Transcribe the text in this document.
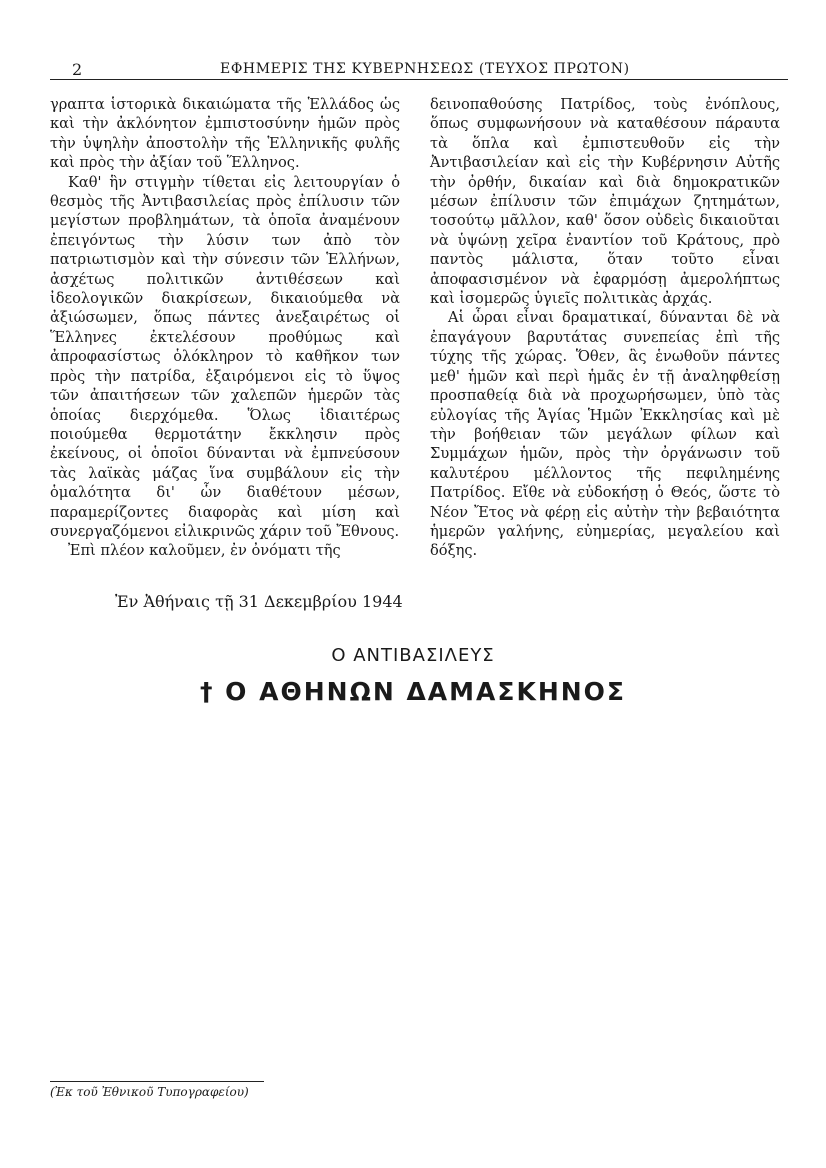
2	ΕΦΗΜΕΡΙΣ ΤΗΣ ΚΥΒΕΡΝΗΣΕΩΣ (ΤΕΥΧΟΣ ΠΡΩΤΟΝ)

γραπτα ἱστορικὰ δικαιώματα τῆς Ἑλλάδος ὡς καὶ τὴν ἀκλόνητον ἐμπιστοσύνην ἡμῶν πρὸς τὴν ὑψηλὴν ἀποστολὴν τῆς Ἑλληνικῆς φυλῆς καὶ πρὸς τὴν ἀξίαν τοῦ Ἕλληνος.

Καθ' ἣν στιγμὴν τίθεται εἰς λειτουργίαν ὁ θεσμὸς τῆς Ἀντιβασιλείας πρὸς ἐπίλυσιν τῶν μεγίστων προβλημάτων, τὰ ὁποῖα ἀναμένουν ἐπειγόντως τὴν λύσιν των ἀπὸ τὸν πατριωτισμὸν καὶ τὴν σύνεσιν τῶν Ἑλλήνων, ἀσχέτως πολιτικῶν ἀντιθέσεων καὶ ἰδεολογικῶν διακρίσεων, δικαιούμεθα νὰ ἀξιώσωμεν, ὅπως πάντες ἀνεξαιρέτως οἱ Ἕλληνες ἐκτελέσουν προθύμως καὶ ἀπροφασίστως ὁλόκληρον τὸ καθῆκον των πρὸς τὴν πατρίδα, ἐξαιρόμενοι εἰς τὸ ὕψος τῶν ἀπαιτήσεων τῶν χαλεπῶν ἡμερῶν τὰς ὁποίας διερχόμεθα. Ὅλως ἰδιαιτέρως ποιούμεθα θερμοτάτην ἔκκλησιν πρὸς ἐκείνους, οἱ ὁποῖοι δύνανται νὰ ἐμπνεύσουν τὰς λαϊκὰς μάζας ἵνα συμβάλουν εἰς τὴν ὁμαλότητα δι' ὧν διαθέτουν μέσων, παραμερίζοντες διαφορὰς καὶ μίση καὶ συνεργαζόμενοι εἰλικρινῶς χάριν τοῦ Ἔθνους.

Ἐπὶ πλέον καλοῦμεν, ἐν ὀνόματι τῆς

δεινοπαθούσης Πατρίδος, τοὺς ἐνόπλους, ὅπως συμφωνήσουν νὰ καταθέσουν πάραυτα τὰ ὅπλα καὶ ἐμπιστευθοῦν εἰς τὴν Ἀντιβασιλείαν καὶ εἰς τὴν Κυβέρνησιν Αὐτῆς τὴν ὀρθήν, δικαίαν καὶ διὰ δημοκρατικῶν μέσων ἐπίλυσιν τῶν ἐπιμάχων ζητημάτων, τοσούτῳ μᾶλλον, καθ' ὅσον οὐδεὶς δικαιοῦται νὰ ὑψώνῃ χεῖρα ἐναντίον τοῦ Κράτους, πρὸ παντὸς μάλιστα, ὅταν τοῦτο εἶναι ἀποφασισμένον νὰ ἐφαρμόσῃ ἀμερολήπτως καὶ ἰσομερῶς ὑγιεῖς πολιτικὰς ἀρχάς.

Αἱ ὧραι εἶναι δραματικαί, δύνανται δὲ νὰ ἐπαγάγουν βαρυτάτας συνεπείας ἐπὶ τῆς τύχης τῆς χώρας. Ὅθεν, ἃς ἑνωθοῦν πάντες μεθ' ἡμῶν καὶ περὶ ἡμᾶς ἐν τῇ ἀναληφθείσῃ προσπαθείᾳ διὰ νὰ προχωρήσωμεν, ὑπὸ τὰς εὐλογίας τῆς Ἁγίας Ἡμῶν Ἐκκλησίας καὶ μὲ τὴν βοήθειαν τῶν μεγάλων φίλων καὶ Συμμάχων ἡμῶν, πρὸς τὴν ὀργάνωσιν τοῦ καλυτέρου μέλλοντος τῆς πεφιλημένης Πατρίδος. Εἴθε νὰ εὐδοκήσῃ ὁ Θεός, ὥστε τὸ Νέον Ἔτος νὰ φέρῃ εἰς αὐτὴν τὴν βεβαιότητα ἡμερῶν γαλήνης, εὐημερίας, μεγαλείου καὶ δόξης.

Ἐν Ἀθήναις τῇ 31 Δεκεμβρίου 1944
Ο ΑΝΤΙΒΑΣΙΛΕΥΣ
† Ο ΑΘΗΝΩΝ ΔΑΜΑΣΚΗΝΟΣ
(Ἐκ τοῦ Ἐθνικοῦ Τυπογραφείου)
